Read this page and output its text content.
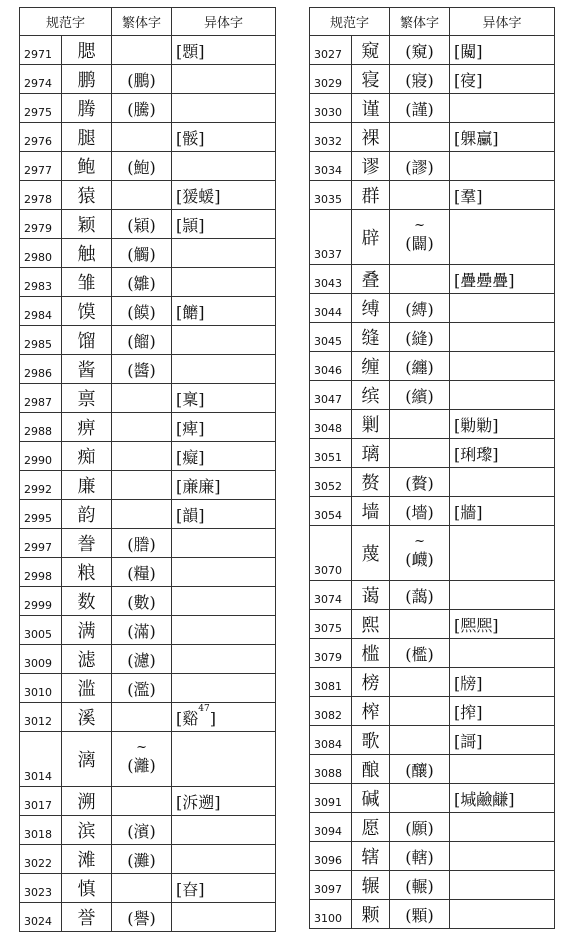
规范字		繁体字	异体字
2971	腮		[顋]
2974	鹏	(鵬)	
2975	腾	(騰)	
2976	腿		[骽]
2977	鲍	(鮑)	
2978	猿		[猨蝯]
2979	颖	(穎)	[頴]
2980	触	(觸)	
2983	雏	(雛)	
2984	馍	(饃)	[饝]
2985	馏	(餾)	
2986	酱	(醬)	
2987	禀		[稟]
2988	痹		[痺]
2990	痴		[癡]
2992	廉		[亷廉]
2995	韵		[韻]
2997	誊	(謄)	
2998	粮	(糧)	
2999	数	(數)	
3005	满	(滿)	
3009	滤	(濾)	
3010	滥	(濫)	
3012	溪		[谿$^{47}$]
3014	漓	~
(灕)	

3017	溯		[泝遡]
3018	滨	(濱)	
3022	滩	(灘)	
3023	慎		[昚]
3024	誉	(譽)	
规范字		繁体字	异体字
3027	窥	(窺)	[闚]
3029	寝	(寢)	[寑]
3030	谨	(謹)	
3032	裸		[躶臝]
3034	谬	(謬)	
3035	群		[羣]
3037	辟	~
(闢)	

3043	叠		[疊疉疊]
3044	缚	(縛)	
3045	缝	(縫)	
3046	缠	(纏)	
3047	缤	(繽)	
3048	剿		[勦勦]
3051	璃		[琍瓈]
3052	赘	(贅)	
3054	墙	(墻)	[牆]
3070	蔑	~
(衊)	

3074	蔼	(藹)	
3075	熙		[熈熈]
3079	槛	(檻)	
3081	榜		[牓]
3082	榨		[搾]
3084	歌		[謌]
3088	酿	(釀)	
3091	碱		[堿鹼鹻]
3094	愿	(願)	
3096	辖	(轄)	
3097	辗	(輾)	
3100	颗	(顆)	
